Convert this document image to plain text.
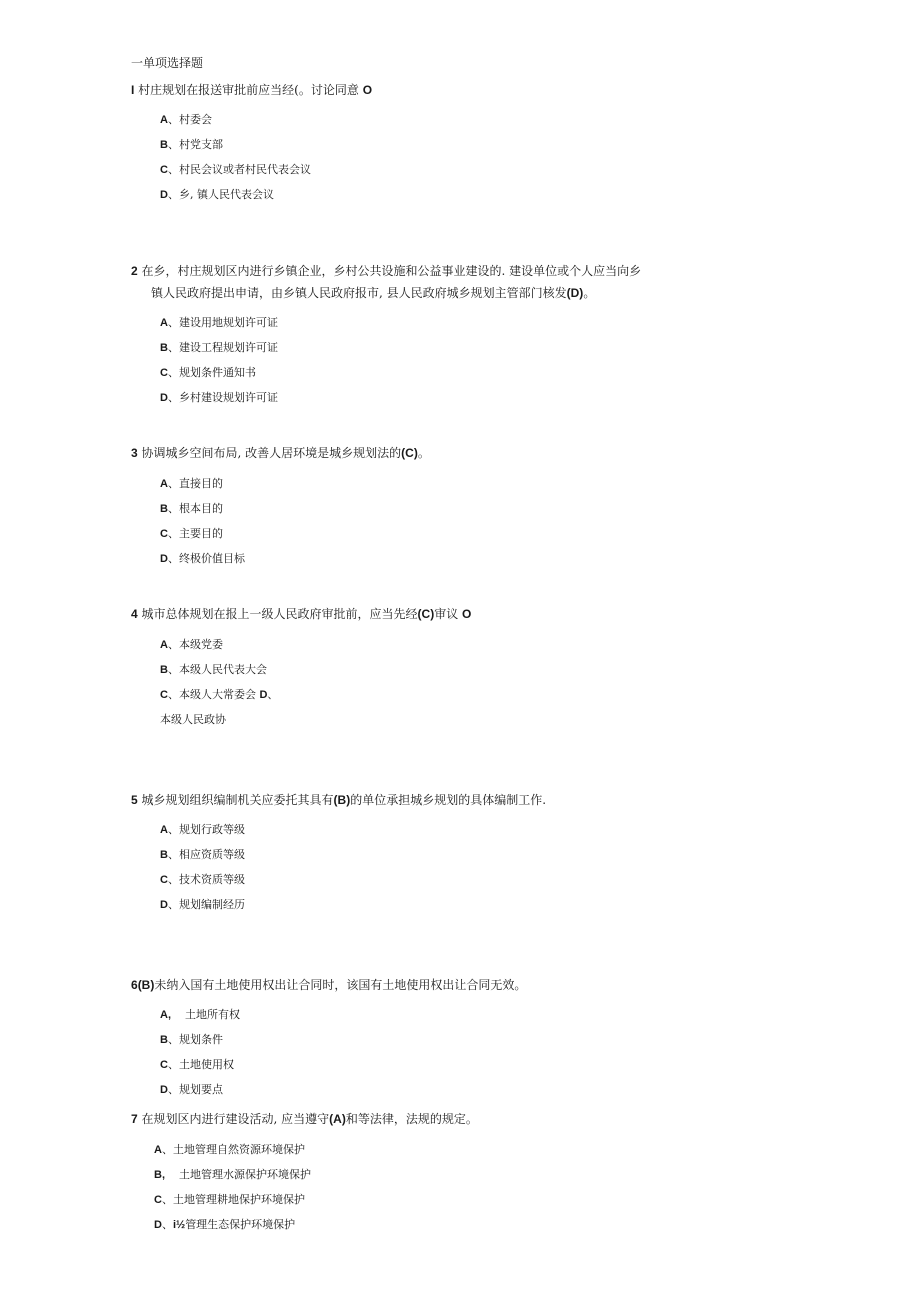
一单项选择题
I 村庄规划在报送审批前应当经(。讨论同意 O
A、村委会
B、村党支部
C、村民会议或者村民代表会议
D、乡, 镇人民代表会议
2 在乡，村庄规划区内进行乡镇企业，乡村公共设施和公益事业建设的. 建设单位或个人应当向乡
镇人民政府提出申请，由乡镇人民政府报市, 县人民政府城乡规划主管部门核发(D)。
A、建设用地规划许可证
B、建设工程规划许可证
C、规划条件通知书
D、乡村建设规划许可证
3 协调城乡空间布局, 改善人居环境是城乡规划法的(C)。
A、直接目的
B、根本目的
C、主要目的
D、终极价值目标
4 城市总体规划在报上一级人民政府审批前，应当先经(C)审议 O
A、本级党委
B、本级人民代表大会
C、本级人大常委会 D、
本级人民政协
5 城乡规划组织编制机关应委托其具有(B)的单位承担城乡规划的具体编制工作.
A、规划行政等级
B、相应资质等级
C、技术资质等级
D、规划编制经历
6(B)未纳入国有土地使用权出让合同时，该国有土地使用权出让合同无效。
A, 土地所有权
B、规划条件
C、土地使用权
D、规划要点
7 在规划区内进行建设活动, 应当遵守(A)和等法律，法规的规定。
A、土地管理自然资源环境保护
B, 土地管理水源保护环境保护
C、土地管理耕地保护环境保护
D、i½管理生态保护环境保护
